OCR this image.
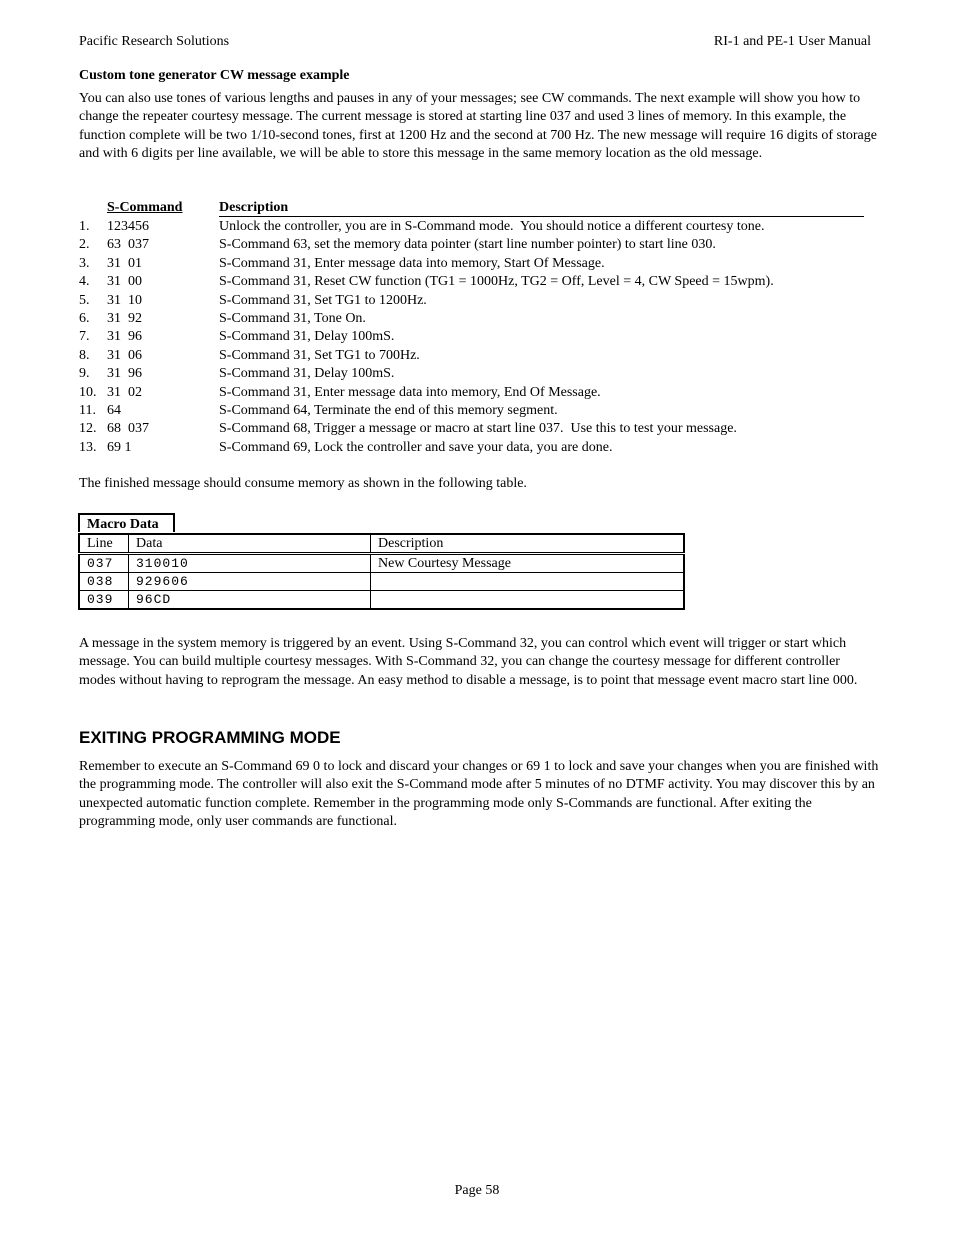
Pacific Research Solutions	RI-1 and PE-1 User Manual
Custom tone generator CW message example

You can also use tones of various lengths and pauses in any of your messages; see CW commands. The next example will show you how to change the repeater courtesy message. The current message is stored at starting line 037 and used 3 lines of memory. In this example, the function complete will be two 1/10-second tones, first at 1200 Hz and the second at 700 Hz. The new message will require 16 digits of storage and with 6 digits per line available, we will be able to store this message in the same memory location as the old message.

S-Command	Description
1. 123456	Unlock the controller, you are in S-Command mode.  You should notice a different courtesy tone.
2. 63  037	S-Command 63, set the memory data pointer (start line number pointer) to start line 030.
3. 31  01	S-Command 31, Enter message data into memory, Start Of Message.
4. 31  00	S-Command 31, Reset CW function (TG1 = 1000Hz, TG2 = Off, Level = 4, CW Speed = 15wpm).
5. 31  10	S-Command 31, Set TG1 to 1200Hz.
6. 31  92	S-Command 31, Tone On.
7. 31  96	S-Command 31, Delay 100mS.
8. 31  06	S-Command 31, Set TG1 to 700Hz.
9. 31  96	S-Command 31, Delay 100mS.
10. 31  02	S-Command 31, Enter message data into memory, End Of Message.
11. 64	S-Command 64, Terminate the end of this memory segment.
12. 68  037	S-Command 68, Trigger a message or macro at start line 037.  Use this to test your message.
13. 69 1	S-Command 69, Lock the controller and save your data, you are done.

The finished message should consume memory as shown in the following table.

Macro Data
Line	Data	Description
037	310010	New Courtesy Message
038	929606	
039	96CD	

A message in the system memory is triggered by an event. Using S-Command 32, you can control which event will trigger or start which message. You can build multiple courtesy messages. With S-Command 32, you can change the courtesy message for different controller modes without having to reprogram the message. An easy method to disable a message, is to point that message event macro start line 000.

EXITING PROGRAMMING MODE

Remember to execute an S-Command 69 0 to lock and discard your changes or 69 1 to lock and save your changes when you are finished with the programming mode. The controller will also exit the S-Command mode after 5 minutes of no DTMF activity. You may discover this by an unexpected automatic function complete. Remember in the programming mode only S-Commands are functional. After exiting the programming mode, only user commands are functional.

Page 58
